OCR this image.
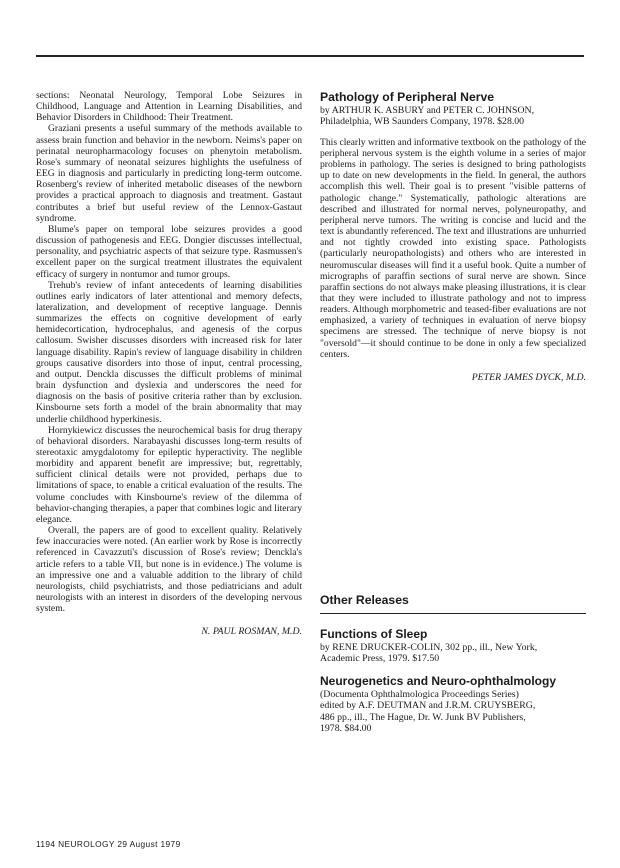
sections: Neonatal Neurology, Temporal Lobe Seizures in Childhood, Language and Attention in Learning Disabilities, and Behavior Disorders in Childhood: Their Treatment.

Graziani presents a useful summary of the methods available to assess brain function and behavior in the newborn. Neims's paper on perinatal neuropharmacology focuses on phenytoin metabolism. Rose's summary of neonatal seizures highlights the usefulness of EEG in diagnosis and particularly in predicting long-term outcome. Rosenberg's review of inherited metabolic diseases of the newborn provides a practical approach to diagnosis and treatment. Gastaut contributes a brief but useful review of the Lennox-Gastaut syndrome.

Blume's paper on temporal lobe seizures provides a good discussion of pathogenesis and EEG. Dongier discusses intellectual, personality, and psychiatric aspects of that seizure type. Rasmussen's excellent paper on the surgical treatment illustrates the equivalent efficacy of surgery in nontumor and tumor groups.

Trehub's review of infant antecedents of learning disabilities outlines early indicators of later attentional and memory defects, lateralization, and development of receptive language. Dennis summarizes the effects on cognitive development of early hemidecortication, hydrocephalus, and agenesis of the corpus callosum. Swisher discusses disorders with increased risk for later language disability. Rapin's review of language disability in children groups causative disorders into those of input, central processing, and output. Denckla discusses the difficult problems of minimal brain dysfunction and dyslexia and underscores the need for diagnosis on the basis of positive criteria rather than by exclusion. Kinsbourne sets forth a model of the brain abnormality that may underlie childhood hyperkinesis.

Hornykiewicz discusses the neurochemical basis for drug therapy of behavioral disorders. Narabayashi discusses long-term results of stereotaxic amygdalotomy for epileptic hyperactivity. The neglible morbidity and apparent benefit are impressive; but, regrettably, sufficient clinical details were not provided, perhaps due to limitations of space, to enable a critical evaluation of the results. The volume concludes with Kinsbourne's review of the dilemma of behavior-changing therapies, a paper that combines logic and literary elegance.

Overall, the papers are of good to excellent quality. Relatively few inaccuracies were noted. (An earlier work by Rose is incorrectly referenced in Cavazzuti's discussion of Rose's review; Denckla's article refers to a table VII, but none is in evidence.) The volume is an impressive one and a valuable addition to the library of child neurologists, child psychiatrists, and those pediatricians and adult neurologists with an interest in disorders of the developing nervous system.

N. PAUL ROSMAN, M.D.
Pathology of Peripheral Nerve
by ARTHUR K. ASBURY and PETER C. JOHNSON,
Philadelphia, WB Saunders Company, 1978. $28.00

This clearly written and informative textbook on the pathology of the peripheral nervous system is the eighth volume in a series of major problems in pathology. The series is designed to bring pathologists up to date on new developments in the field. In general, the authors accomplish this well. Their goal is to present "visible patterns of pathologic change." Systematically, pathologic alterations are described and illustrated for normal nerves, polyneuropathy, and peripheral nerve tumors. The writing is concise and lucid and the text is abundantly referenced. The text and illustrations are unhurried and not tightly crowded into existing space. Pathologists (particularly neuropathologists) and others who are interested in neuromuscular diseases will find it a useful book. Quite a number of micrographs of paraffin sections of sural nerve are shown. Since paraffin sections do not always make pleasing illustrations, it is clear that they were included to illustrate pathology and not to impress readers. Although morphometric and teased-fiber evaluations are not emphasized, a variety of techniques in evaluation of nerve biopsy specimens are stressed. The technique of nerve biopsy is not "oversold"—it should continue to be done in only a few specialized centers.

PETER JAMES DYCK, M.D.
Other Releases
Functions of Sleep
by RENE DRUCKER-COLIN, 302 pp., ill., New York,
Academic Press, 1979. $17.50
Neurogenetics and Neuro-ophthalmology
(Documenta Ophthalmologica Proceedings Series)
edited by A.F. DEUTMAN and J.R.M. CRUYSBERG,
486 pp., ill., The Hague, Dr. W. Junk BV Publishers,
1978. $84.00
1194 NEUROLOGY 29 August 1979
